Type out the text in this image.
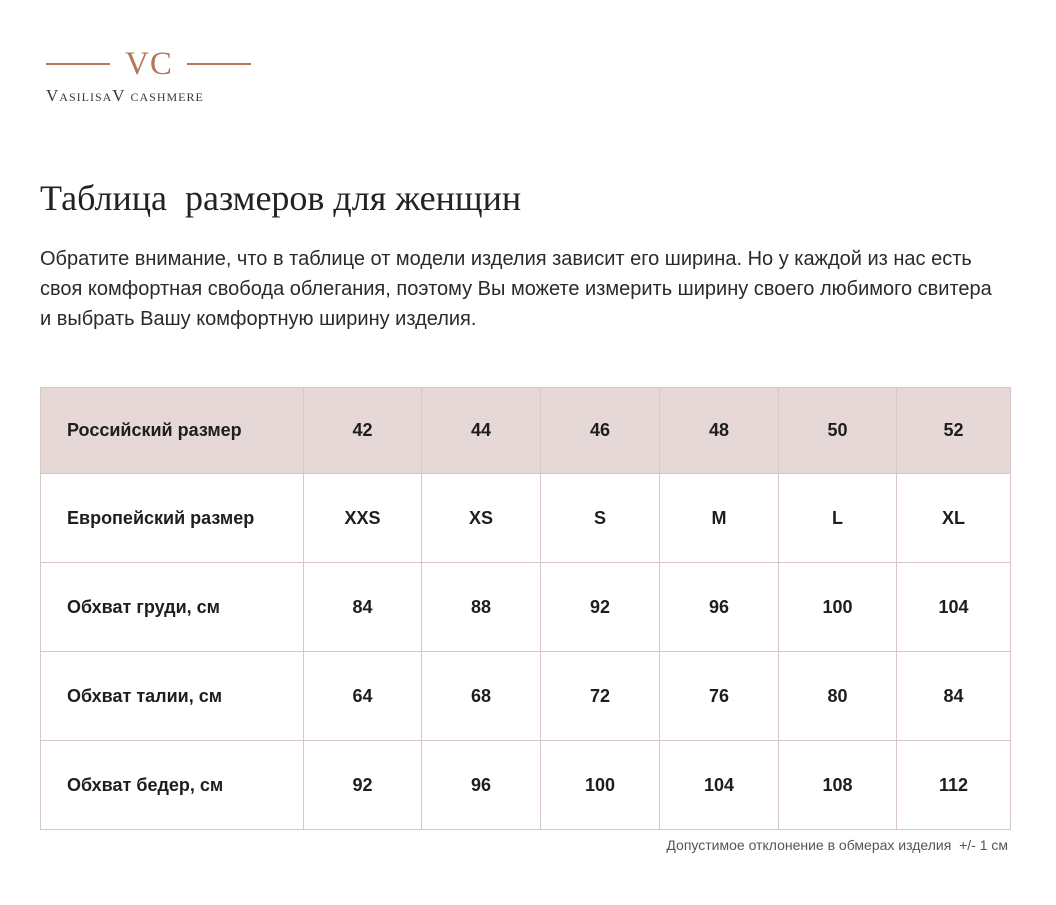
VC
VasilisaV cashmere
Таблица  размеров для женщин

Обратите внимание, что в таблице от модели изделия зависит его ширина. Но у каждой из нас есть своя комфортная свобода облегания, поэтому Вы можете измерить ширину своего любимого свитера и выбрать Вашу комфортную ширину изделия.

Российский размер	42	44	46	48	50	52
Европейский размер	XXS	XS	S	M	L	XL
Обхват груди, см	84	88	92	96	100	104
Обхват талии, см	64	68	72	76	80	84
Обхват бедер, см	92	96	100	104	108	112

Допустимое отклонение в обмерах изделия  +/- 1 см
